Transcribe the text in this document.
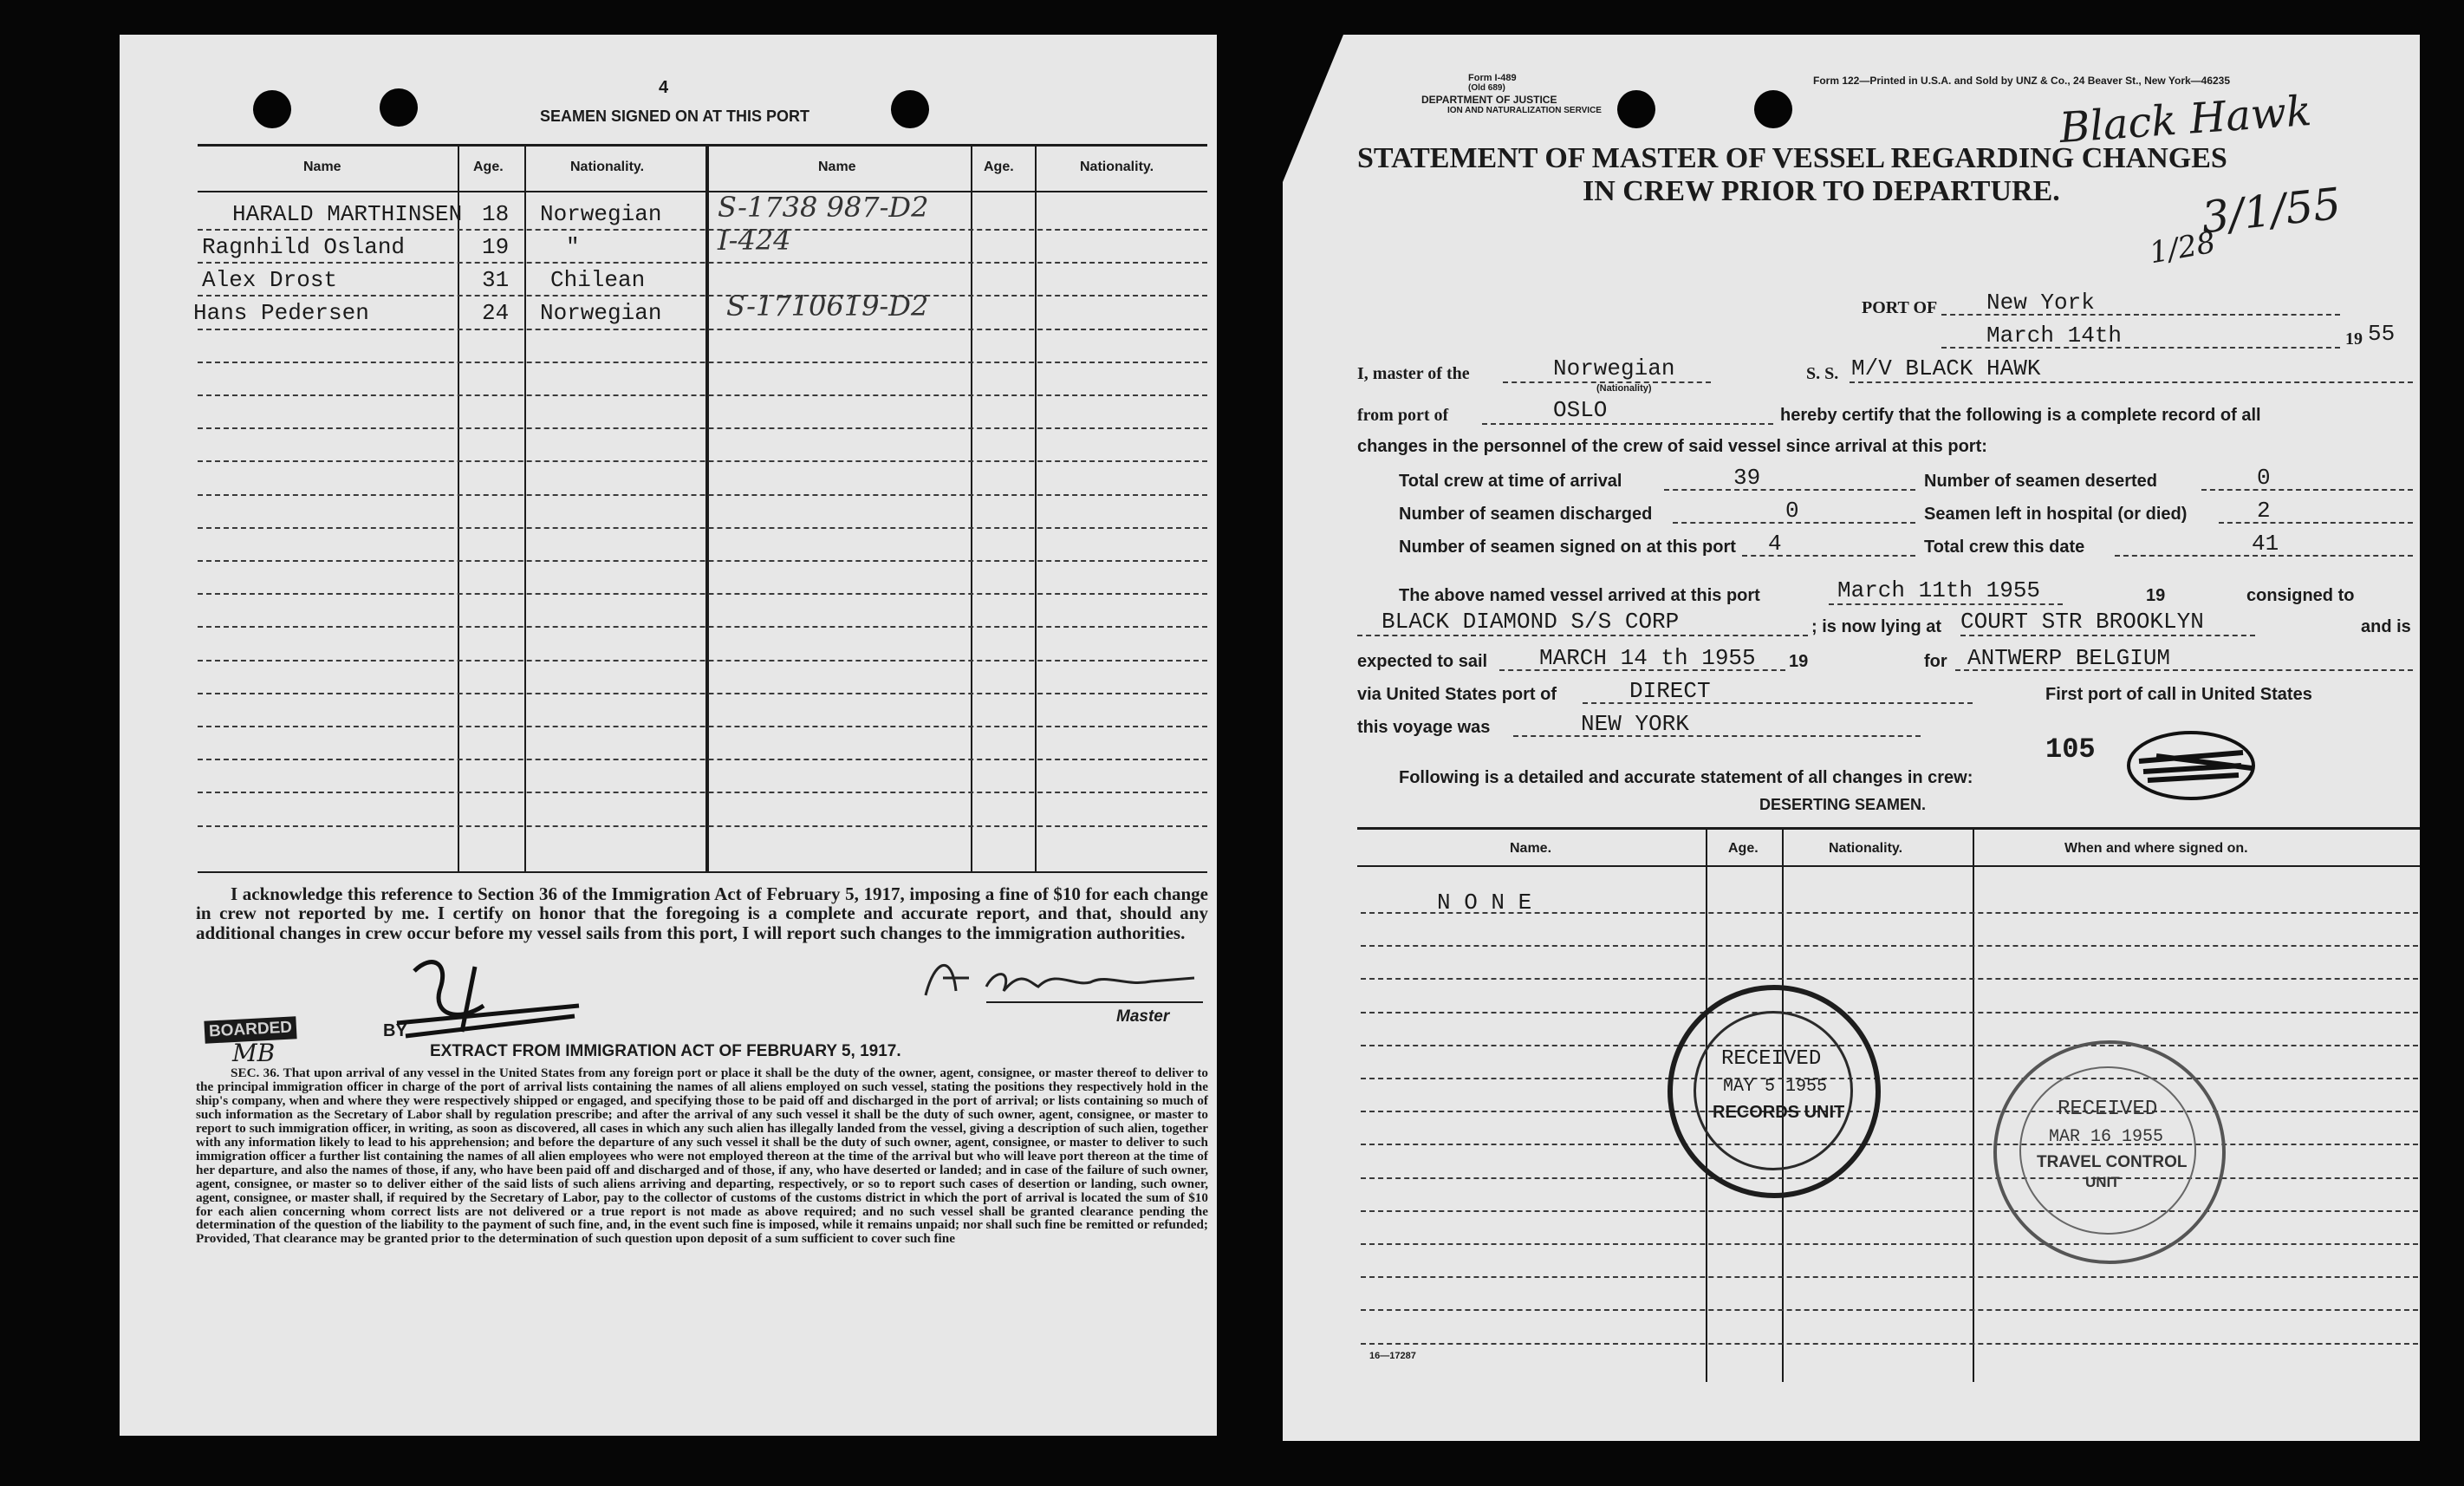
4
SEAMEN SIGNED ON AT THIS PORT
Name	Age.	Nationality.	Name	Age.	Nationality.
HARALD MARTHINSEN 18 Norwegian S-1738 987-D2
Ragnhild Osland	19	"	I-424
Alex Drost	31 Chilean
Hans Pedersen	24 Norwegian S-1710619-D2
I acknowledge this reference to Section 36 of the Immigration Act of February 5, 1917, imposing a fine of $10 for each change in crew not reported by me. I certify on honor that the foregoing is a complete and accurate report, and that, should any additional changes in crew occur before my vessel sails from this port, I will report such changes to the immigration authorities.
Master
BOARDED
MB
BY
EXTRACT FROM IMMIGRATION ACT OF FEBRUARY 5, 1917.
SEC. 36. That upon arrival of any vessel in the United States from any foreign port or place it shall be the duty of the owner, agent, consignee, or master thereof to deliver to the principal immigration officer in charge of the port of arrival lists containing the names of all aliens employed on such vessel, stating the positions they respectively hold in the ship's company, when and where they were respectively shipped or engaged, and specifying those to be paid off and discharged in the port of arrival; or lists containing so much of such information as the Secretary of Labor shall by regulation prescribe; and after the arrival of any such vessel it shall be the duty of such owner, agent, consignee, or master to report to such immigration officer, in writing, as soon as discovered, all cases in which any such alien has illegally landed from the vessel, giving a description of such alien, together with any information likely to lead to his apprehension; and before the departure of any such vessel it shall be the duty of such owner, agent, consignee, or master to deliver to such immigration officer a further list containing the names of all alien employees who were not employed thereon at the time of the arrival but who will leave port thereon at the time of her departure, and also the names of those, if any, who have been paid off and discharged and of those, if any, who have deserted or landed; and in case of the failure of such owner, agent, consignee, or master so to deliver either of the said lists of such aliens arriving and departing, respectively, or so to report such cases of desertion or landing, such owner, agent, consignee, or master shall, if required by the Secretary of Labor, pay to the collector of customs of the customs district in which the port of arrival is located the sum of $10 for each alien concerning whom correct lists are not delivered or a true report is not made as above required; and no such vessel shall be granted clearance pending the determination of the question of the liability to the payment of such fine, and, in the event such fine is imposed, while it remains unpaid; nor shall such fine be remitted or refunded; Provided, That clearance may be granted prior to the determination of such question upon deposit of a sum sufficient to cover such fine
Form I-489
(Old 689)
DEPARTMENT OF JUSTICE
ION AND NATURALIZATION SERVICE
Form 122—Printed in U.S.A. and Sold by UNZ & Co., 24 Beaver St., New York—46235
STATEMENT OF MASTER OF VESSEL REGARDING CHANGES
IN CREW PRIOR TO DEPARTURE.
Black Hawk
3/1/55
1/28
PORT OF New York
March 14th	19 55
I, master of the	Norwegian
(Nationality)
S. S. M/V BLACK HAWK
from port of	OSLO	hereby certify that the following is a complete record of all
changes in the personnel of the crew of said vessel since arrival at this port:
Total crew at time of arrival	39	Number of seamen deserted	0
Number of seamen discharged	0	Seamen left in hospital (or died)	2
Number of seamen signed on at this port 4	Total crew this date	41
The above named vessel arrived at this port	March 11th 1955	19	consigned to
BLACK DIAMOND S/S CORP	; is now lying at COURT STR BROOKLYN	and is
expected to sail MARCH 14 th 1955 19	for ANTWERP BELGIUM
via United States port of	DIRECT	First port of call in United States
this voyage was	NEW YORK
105
Following is a detailed and accurate statement of all changes in crew:
DESERTING SEAMEN.
Name.	Age.	Nationality.	When and where signed on.
N O N E
RECEIVED
MAY 5 1955
RECORDS UNIT	RECEIVED
MAR 16 1955
TRAVEL CONTROL
UNIT
16—17287
